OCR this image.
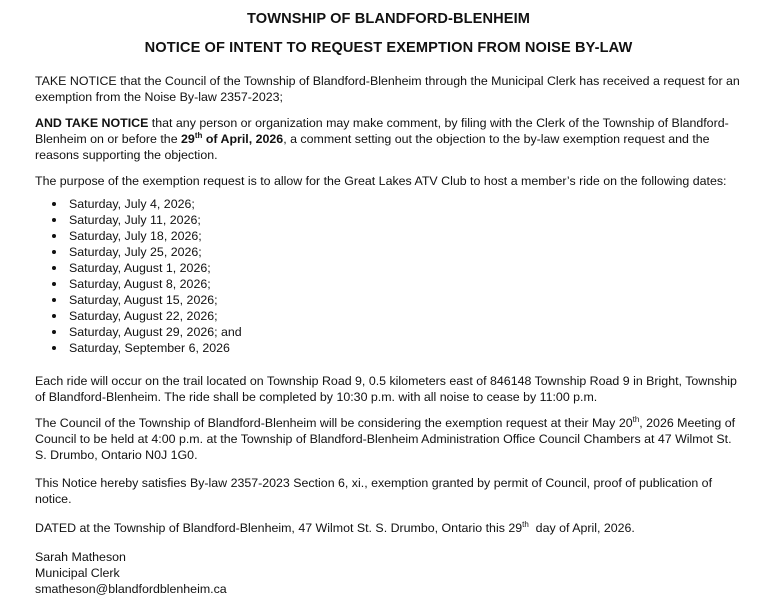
TOWNSHIP OF BLANDFORD-BLENHEIM
NOTICE OF INTENT TO REQUEST EXEMPTION FROM NOISE BY-LAW

TAKE NOTICE that the Council of the Township of Blandford-Blenheim through the Municipal Clerk has received a request for an exemption from the Noise By-law 2357-2023;

AND TAKE NOTICE that any person or organization may make comment, by filing with the Clerk of the Township of Blandford-Blenheim on or before the 29th of April, 2026, a comment setting out the objection to the by-law exemption request and the reasons supporting the objection.

The purpose of the exemption request is to allow for the Great Lakes ATV Club to host a member’s ride on the following dates:

Saturday, July 4, 2026;
Saturday, July 11, 2026;
Saturday, July 18, 2026;
Saturday, July 25, 2026;
Saturday, August 1, 2026;
Saturday, August 8, 2026;
Saturday, August 15, 2026;
Saturday, August 22, 2026;
Saturday, August 29, 2026; and
Saturday, September 6, 2026

Each ride will occur on the trail located on Township Road 9, 0.5 kilometers east of 846148 Township Road 9 in Bright, Township of Blandford-Blenheim. The ride shall be completed by 10:30 p.m. with all noise to cease by 11:00 p.m.

The Council of the Township of Blandford-Blenheim will be considering the exemption request at their May 20th, 2026 Meeting of Council to be held at 4:00 p.m. at the Township of Blandford-Blenheim Administration Office Council Chambers at 47 Wilmot St. S. Drumbo, Ontario N0J 1G0.

This Notice hereby satisfies By-law 2357-2023 Section 6, xi., exemption granted by permit of Council, proof of publication of notice.

DATED at the Township of Blandford-Blenheim, 47 Wilmot St. S. Drumbo, Ontario this 29th  day of April, 2026.

Sarah Matheson
Municipal Clerk
smatheson@blandfordblenheim.ca
